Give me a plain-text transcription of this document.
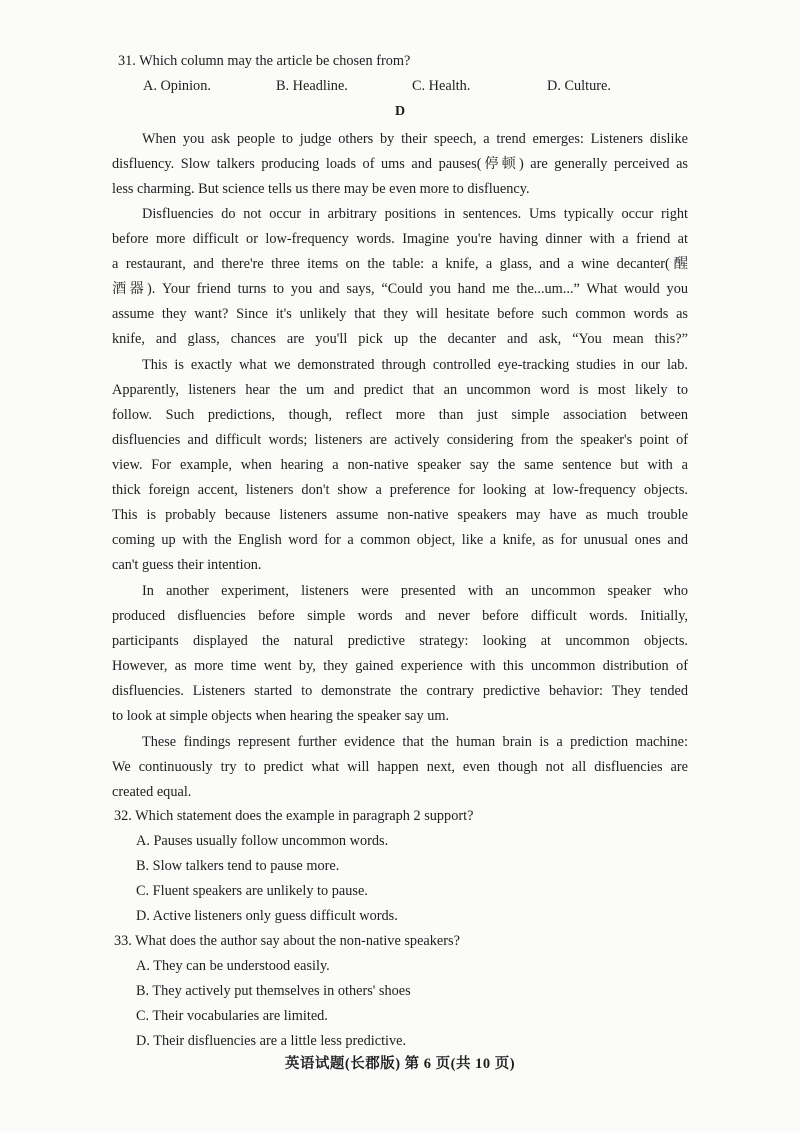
31. Which column may the article be chosen from?
A. Opinion.	B. Headline.	C. Health.	D. Culture.
D
When you ask people to judge others by their speech, a trend emerges: Listeners dislike
disfluency. Slow talkers producing loads of ums and pauses(停顿) are generally perceived as
less charming. But science tells us there may be even more to disfluency.
Disfluencies do not occur in arbitrary positions in sentences. Ums typically occur right
before more difficult or low-frequency words. Imagine you're having dinner with a friend at
a restaurant, and there're three items on the table: a knife, a glass, and a wine decanter(醒
酒器). Your friend turns to you and says, “Could you hand me the...um...” What would you
assume they want? Since it's unlikely that they will hesitate before such common words as
knife, and glass, chances are you'll pick up the decanter and ask, “You mean this?”
This is exactly what we demonstrated through controlled eye-tracking studies in our lab.
Apparently, listeners hear the um and predict that an uncommon word is most likely to
follow. Such predictions, though, reflect more than just simple association between
disfluencies and difficult words; listeners are actively considering from the speaker's point of
view. For example, when hearing a non-native speaker say the same sentence but with a
thick foreign accent, listeners don't show a preference for looking at low-frequency objects.
This is probably because listeners assume non-native speakers may have as much trouble
coming up with the English word for a common object, like a knife, as for unusual ones and
can't guess their intention.
In another experiment, listeners were presented with an uncommon speaker who
produced disfluencies before simple words and never before difficult words. Initially,
participants displayed the natural predictive strategy: looking at uncommon objects.
However, as more time went by, they gained experience with this uncommon distribution of
disfluencies. Listeners started to demonstrate the contrary predictive behavior: They tended
to look at simple objects when hearing the speaker say um.
These findings represent further evidence that the human brain is a prediction machine:
We continuously try to predict what will happen next, even though not all disfluencies are
created equal.
32. Which statement does the example in paragraph 2 support?
A. Pauses usually follow uncommon words.
B. Slow talkers tend to pause more.
C. Fluent speakers are unlikely to pause.
D. Active listeners only guess difficult words.
33. What does the author say about the non-native speakers?
A. They can be understood easily.
B. They actively put themselves in others' shoes
C. Their vocabularies are limited.
D. Their disfluencies are a little less predictive.
英语试题(长郡版) 第 6 页(共 10 页)
